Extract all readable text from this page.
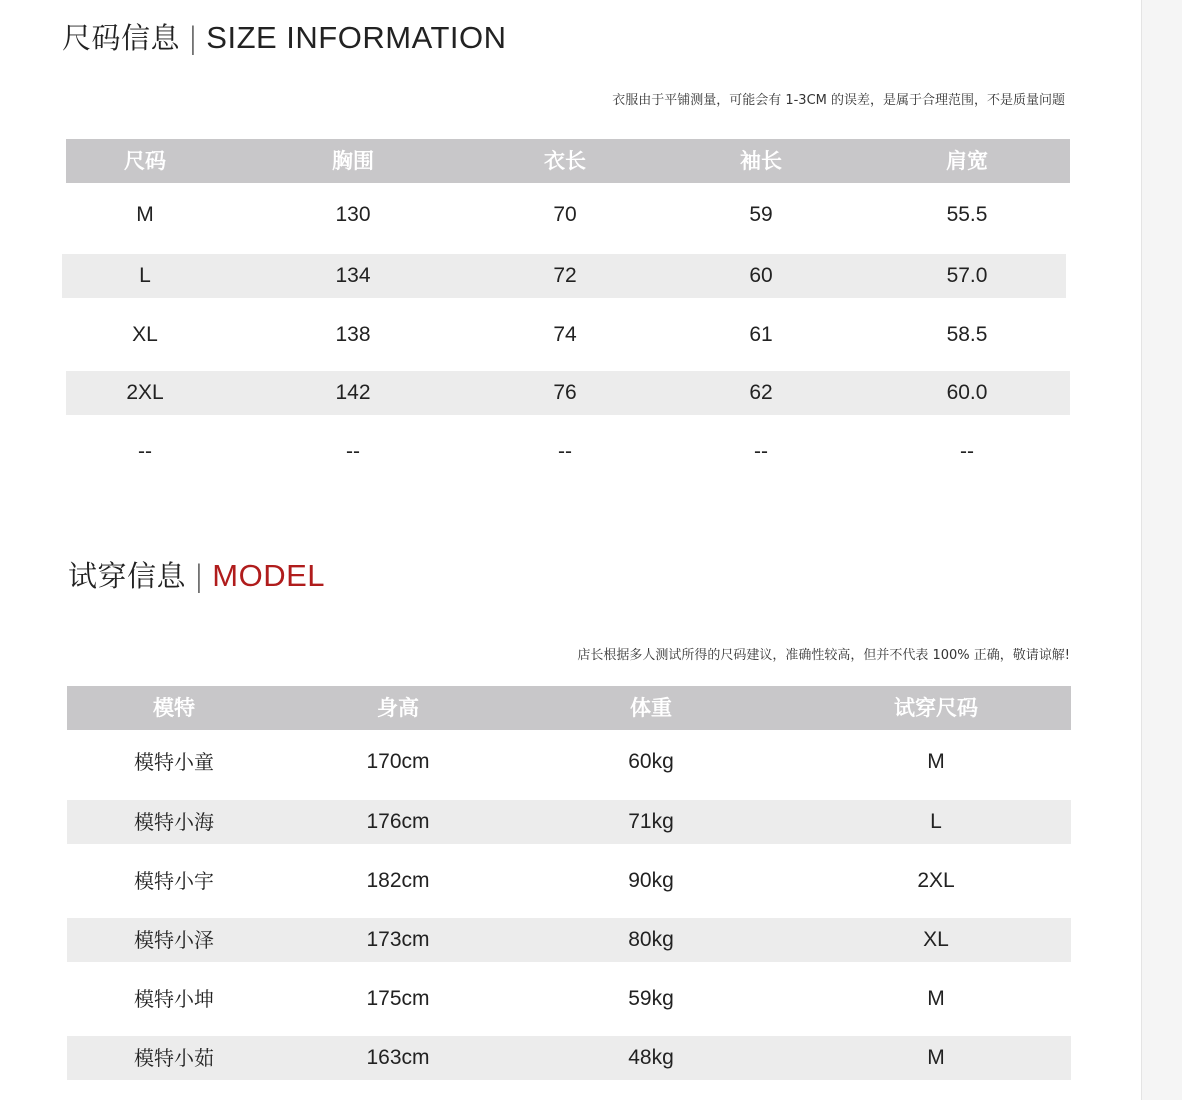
尺码信息 | SIZE INFORMATION
衣服由于平铺测量，可能会有 1-3CM 的误差，是属于合理范围，不是质量问题
尺码	胸围	衣长	袖长	肩宽
M	130	70	59	55.5
L	134	72	60	57.0
XL	138	74	61	58.5
2XL	142	76	62	60.0
--	--	--	--	--
试穿信息 | MODEL
店长根据多人测试所得的尺码建议，准确性较高，但并不代表 100% 正确，敬请谅解!
模特	身高	体重	试穿尺码
模特小童	170cm	60kg	M
模特小海	176cm	71kg	L
模特小宇	182cm	90kg	2XL
模特小泽	173cm	80kg	XL
模特小坤	175cm	59kg	M
模特小茹	163cm	48kg	M
